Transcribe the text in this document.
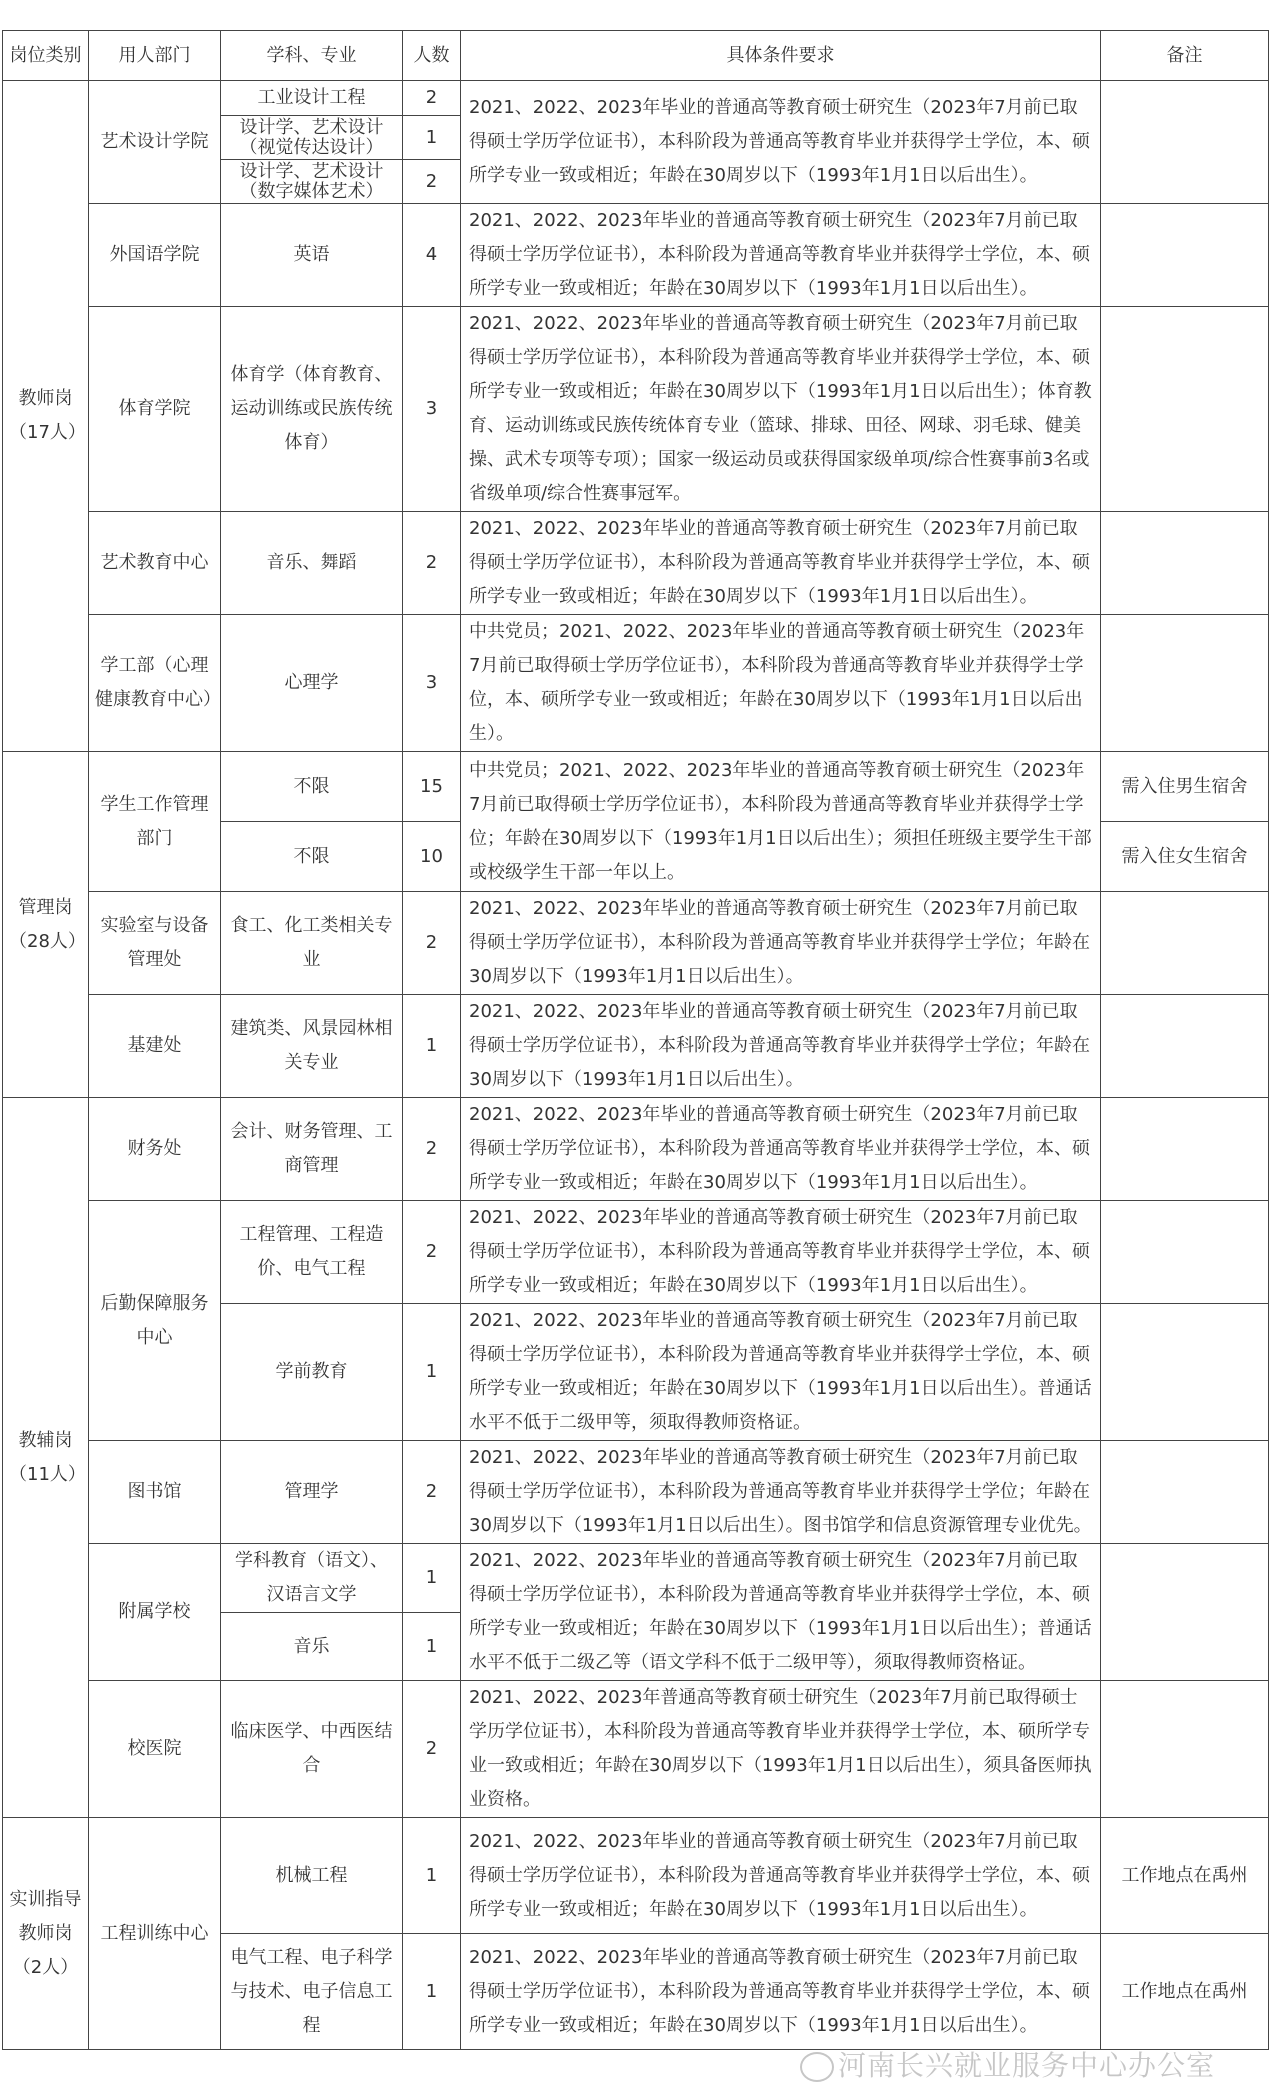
岗位类别	用人部门	学科、专业	人数	具体条件要求	备注
教师岗（17人）	艺术设计学院	工业设计工程	2	2021、2022、2023年毕业的普通高等教育硕士研究生（2023年7月前已取得硕士学历学位证书），本科阶段为普通高等教育毕业并获得学士学位，本、硕所学专业一致或相近；年龄在30周岁以下（1993年1月1日以后出生）。	
		设计学、艺术设计（视觉传达设计）	1		
		设计学、艺术设计（数字媒体艺术）	2		
	外国语学院	英语	4	2021、2022、2023年毕业的普通高等教育硕士研究生（2023年7月前已取得硕士学历学位证书），本科阶段为普通高等教育毕业并获得学士学位，本、硕所学专业一致或相近；年龄在30周岁以下（1993年1月1日以后出生）。	
	体育学院	体育学（体育教育、运动训练或民族传统体育）	3	2021、2022、2023年毕业的普通高等教育硕士研究生（2023年7月前已取得硕士学历学位证书），本科阶段为普通高等教育毕业并获得学士学位，本、硕所学专业一致或相近；年龄在30周岁以下（1993年1月1日以后出生）；体育教育、运动训练或民族传统体育专业（篮球、排球、田径、网球、羽毛球、健美操、武术专项等专项）；国家一级运动员或获得国家级单项/综合性赛事前3名或省级单项/综合性赛事冠军。	
	艺术教育中心	音乐、舞蹈	2	2021、2022、2023年毕业的普通高等教育硕士研究生（2023年7月前已取得硕士学历学位证书），本科阶段为普通高等教育毕业并获得学士学位，本、硕所学专业一致或相近；年龄在30周岁以下（1993年1月1日以后出生）。	
	学工部（心理健康教育中心）	心理学	3	中共党员；2021、2022、2023年毕业的普通高等教育硕士研究生（2023年7月前已取得硕士学历学位证书），本科阶段为普通高等教育毕业并获得学士学位，本、硕所学专业一致或相近；年龄在30周岁以下（1993年1月1日以后出生）。	
管理岗（28人）	学生工作管理部门	不限	15	中共党员；2021、2022、2023年毕业的普通高等教育硕士研究生（2023年7月前已取得硕士学历学位证书），本科阶段为普通高等教育毕业并获得学士学位；年龄在30周岁以下（1993年1月1日以后出生）；须担任班级主要学生干部或校级学生干部一年以上。	需入住男生宿舍
		不限	10		需入住女生宿舍
	实验室与设备管理处	食工、化工类相关专业	2	2021、2022、2023年毕业的普通高等教育硕士研究生（2023年7月前已取得硕士学历学位证书），本科阶段为普通高等教育毕业并获得学士学位；年龄在30周岁以下（1993年1月1日以后出生）。	
	基建处	建筑类、风景园林相关专业	1	2021、2022、2023年毕业的普通高等教育硕士研究生（2023年7月前已取得硕士学历学位证书），本科阶段为普通高等教育毕业并获得学士学位；年龄在30周岁以下（1993年1月1日以后出生）。	
教辅岗（11人）	财务处	会计、财务管理、工商管理	2	2021、2022、2023年毕业的普通高等教育硕士研究生（2023年7月前已取得硕士学历学位证书），本科阶段为普通高等教育毕业并获得学士学位，本、硕所学专业一致或相近；年龄在30周岁以下（1993年1月1日以后出生）。	
	后勤保障服务中心	工程管理、工程造价、电气工程	2	2021、2022、2023年毕业的普通高等教育硕士研究生（2023年7月前已取得硕士学历学位证书），本科阶段为普通高等教育毕业并获得学士学位，本、硕所学专业一致或相近；年龄在30周岁以下（1993年1月1日以后出生）。	
		学前教育	1	2021、2022、2023年毕业的普通高等教育硕士研究生（2023年7月前已取得硕士学历学位证书），本科阶段为普通高等教育毕业并获得学士学位，本、硕所学专业一致或相近；年龄在30周岁以下（1993年1月1日以后出生）。普通话水平不低于二级甲等，须取得教师资格证。	
	图书馆	管理学	2	2021、2022、2023年毕业的普通高等教育硕士研究生（2023年7月前已取得硕士学历学位证书），本科阶段为普通高等教育毕业并获得学士学位；年龄在30周岁以下（1993年1月1日以后出生）。图书馆学和信息资源管理专业优先。	
	附属学校	学科教育（语文）、汉语言文学	1	2021、2022、2023年毕业的普通高等教育硕士研究生（2023年7月前已取得硕士学历学位证书），本科阶段为普通高等教育毕业并获得学士学位，本、硕所学专业一致或相近；年龄在30周岁以下（1993年1月1日以后出生）；普通话水平不低于二级乙等（语文学科不低于二级甲等），须取得教师资格证。	
		音乐	1		
	校医院	临床医学、中西医结合	2	2021、2022、2023年普通高等教育硕士研究生（2023年7月前已取得硕士学历学位证书），本科阶段为普通高等教育毕业并获得学士学位，本、硕所学专业一致或相近；年龄在30周岁以下（1993年1月1日以后出生），须具备医师执业资格。	
实训指导教师岗（2人）	工程训练中心	机械工程	1	2021、2022、2023年毕业的普通高等教育硕士研究生（2023年7月前已取得硕士学历学位证书），本科阶段为普通高等教育毕业并获得学士学位，本、硕所学专业一致或相近；年龄在30周岁以下（1993年1月1日以后出生）。	工作地点在禹州
		电气工程、电子科学与技术、电子信息工程	1	2021、2022、2023年毕业的普通高等教育硕士研究生（2023年7月前已取得硕士学历学位证书），本科阶段为普通高等教育毕业并获得学士学位，本、硕所学专业一致或相近；年龄在30周岁以下（1993年1月1日以后出生）。	工作地点在禹州
河南长兴就业服务中心办公室
